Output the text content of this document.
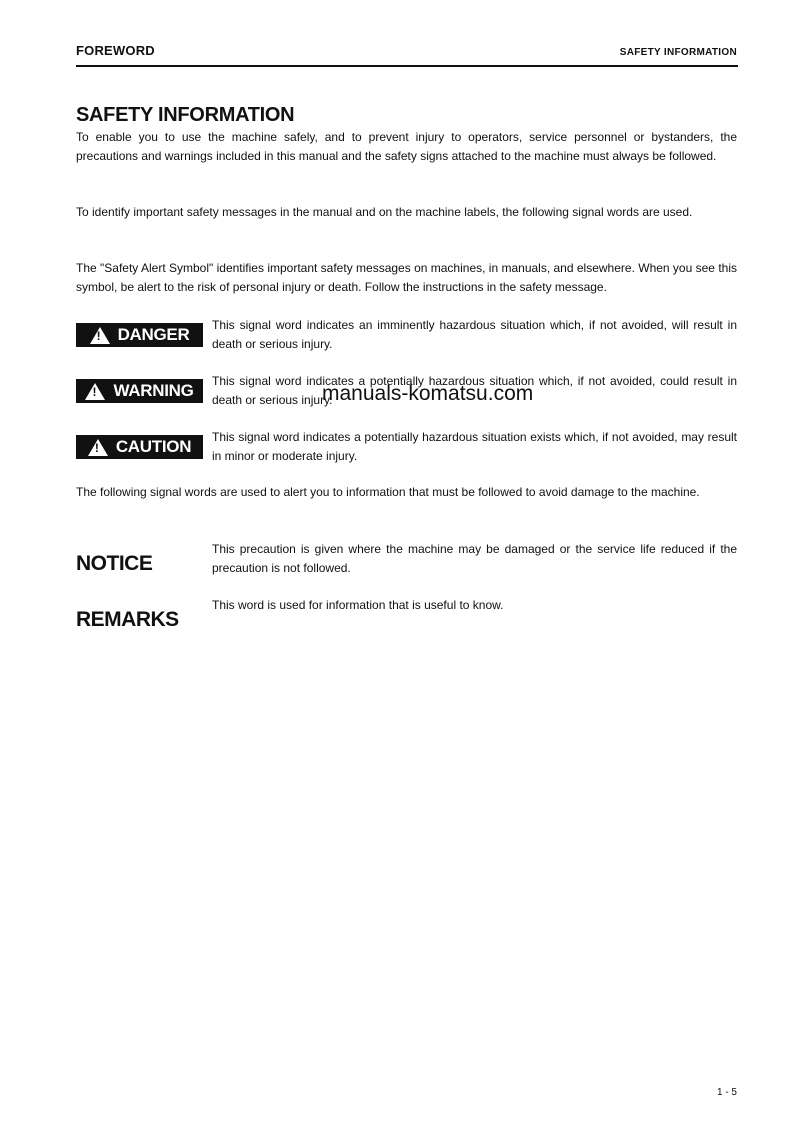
FOREWORD	SAFETY INFORMATION
SAFETY INFORMATION

To enable you to use the machine safely, and to prevent injury to operators, service personnel or bystanders, the precautions and warnings included in this manual and the safety signs attached to the machine must always be followed.

To identify important safety messages in the manual and on the machine labels, the following signal words are used.

The "Safety Alert Symbol" identifies important safety messages on machines, in manuals, and elsewhere. When you see this symbol, be alert to the risk of personal injury or death. Follow the instructions in the safety message.

!
DANGER This signal word indicates an imminently hazardous situation which, if not avoided, will result in death or serious injury.

!
WARNING This signal word indicates a potentially hazardous situation which, if not avoided, could result in death or serious injury.

!
CAUTION This signal word indicates a potentially hazardous situation exists which, if not avoided, may result in minor or moderate injury.

The following signal words are used to alert you to information that must be followed to avoid damage to the machine.

NOTICE

This precaution is given where the machine may be damaged or the service life reduced if the precaution is not followed.

REMARKS

This word is used for information that is useful to know.

manuals-komatsu.com
1 - 5
